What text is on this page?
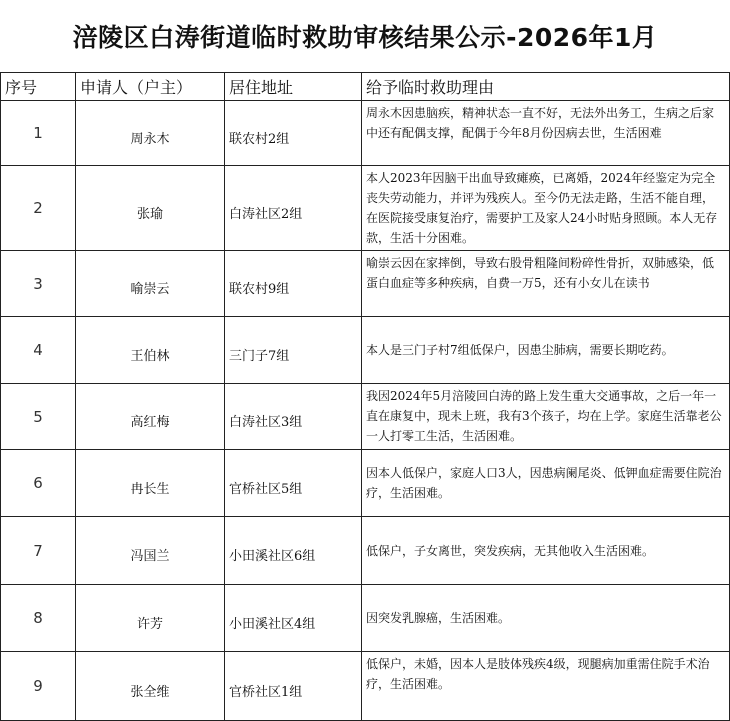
涪陵区白涛街道临时救助审核结果公示-2026年1月
序号	申请人（户主）	居住地址	给予临时救助理由
1	周永木	联农村2组	周永木因患脑疾，精神状态一直不好，无法外出务工，生病之后家中还有配偶支撑，配偶于今年8月份因病去世，生活困难
2	张瑜	白涛社区2组	本人2023年因脑干出血导致瘫痪，已离婚，2024年经鉴定为完全丧失劳动能力，并评为残疾人。至今仍无法走路，生活不能自理，在医院接受康复治疗，需要护工及家人24小时贴身照顾。本人无存款，生活十分困难。
3	喻崇云	联农村9组	喻崇云因在家摔倒，导致右股骨粗隆间粉碎性骨折，双肺感染，低蛋白血症等多种疾病，自费一万5，还有小女儿在读书
4	王伯林	三门子7组	本人是三门子村7组低保户，因患尘肺病，需要长期吃药。
5	高红梅	白涛社区3组	我因2024年5月涪陵回白涛的路上发生重大交通事故，之后一年一直在康复中，现未上班，我有3个孩子，均在上学。家庭生活靠老公一人打零工生活，生活困难。
6	冉长生	官桥社区5组	因本人低保户，家庭人口3人，因患病阑尾炎、低钾血症需要住院治疗，生活困难。
7	冯国兰	小田溪社区6组	低保户，子女离世，突发疾病，无其他收入生活困难。
8	许芳	小田溪社区4组	因突发乳腺癌，生活困难。
9	张全维	官桥社区1组	低保户，未婚，因本人是肢体残疾4级，现腿病加重需住院手术治疗，生活困难。
